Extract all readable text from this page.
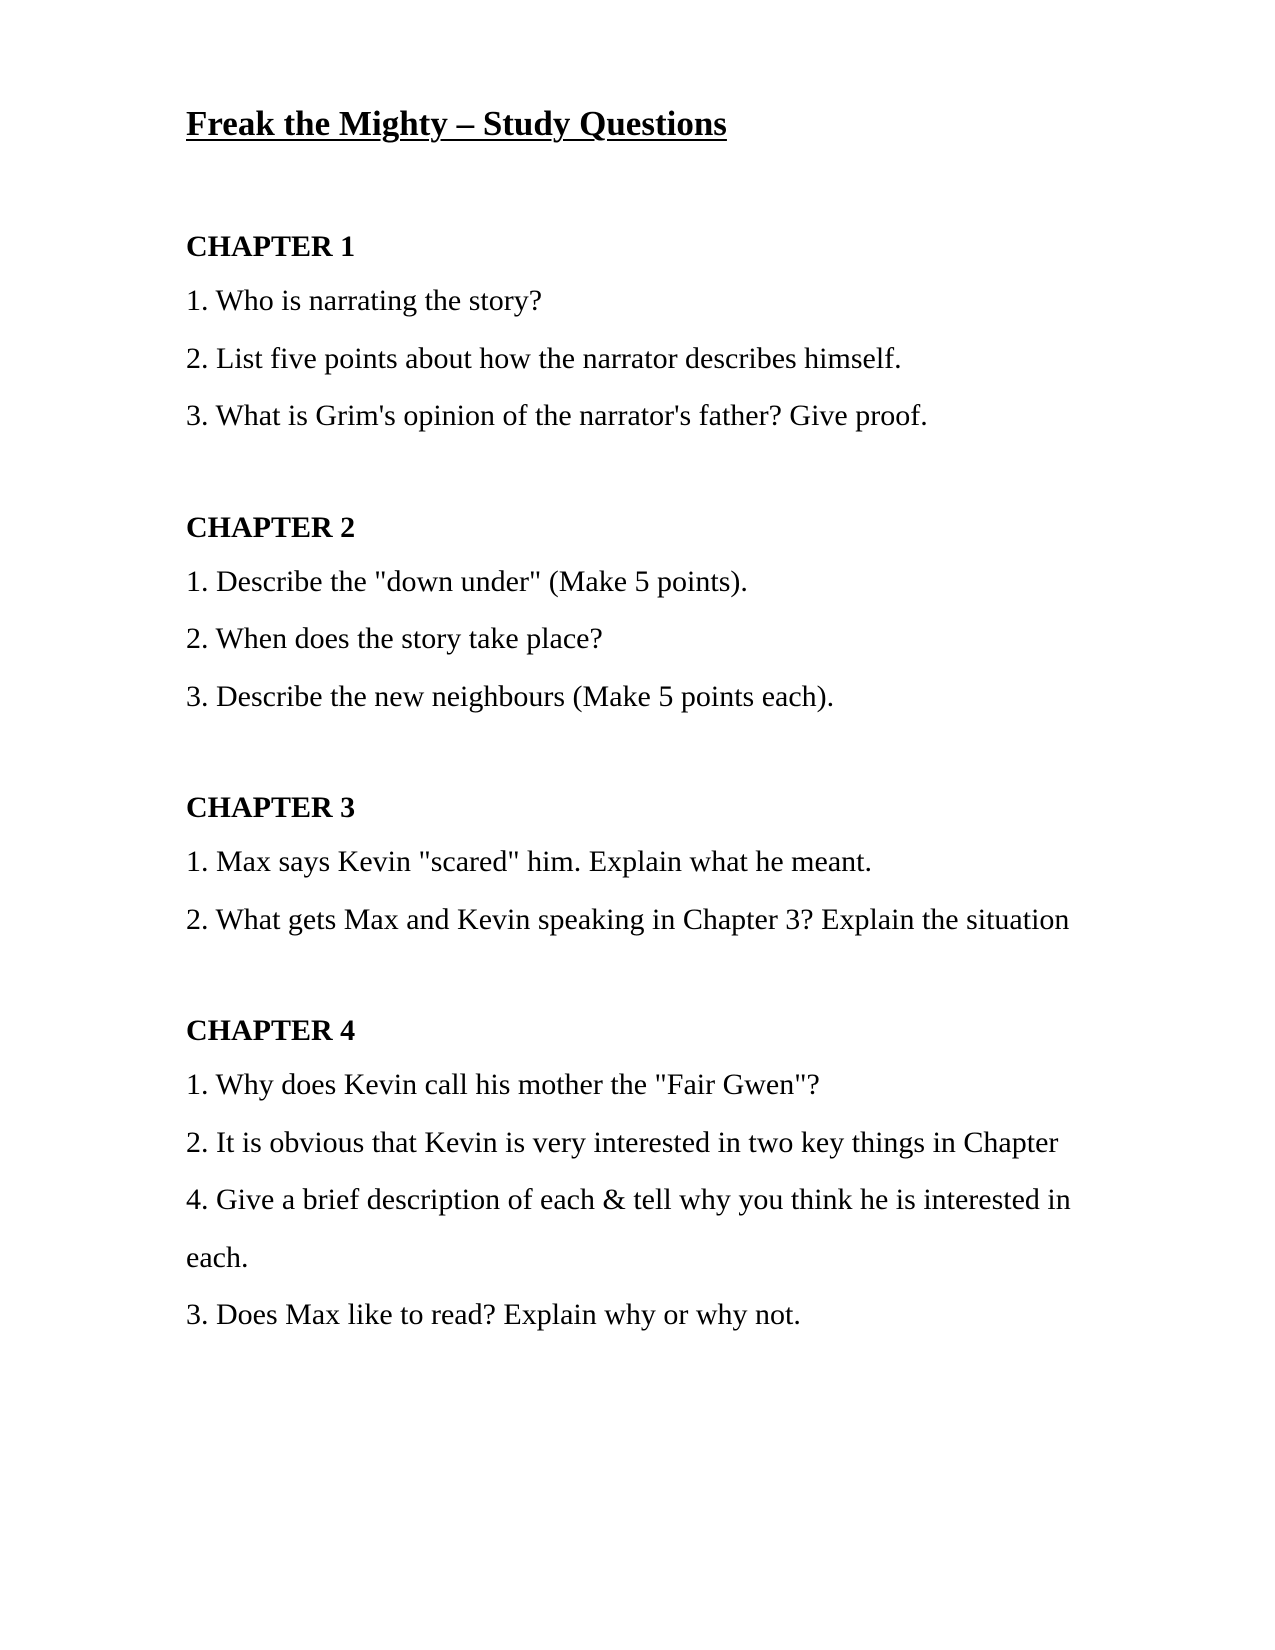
Freak the Mighty – Study Questions
CHAPTER 1
1. Who is narrating the story?
2. List five points about how the narrator describes himself.
3. What is Grim's opinion of the narrator's father? Give proof.
CHAPTER 2
1. Describe the "down under" (Make 5 points).
2. When does the story take place?
3. Describe the new neighbours (Make 5 points each).
CHAPTER 3
1. Max says Kevin "scared" him. Explain what he meant.
2. What gets Max and Kevin speaking in Chapter 3? Explain the situation
CHAPTER 4
1. Why does Kevin call his mother the "Fair Gwen"?
2. It is obvious that Kevin is very interested in two key things in Chapter 4. Give a brief description of each & tell why you think he is interested in each.
3. Does Max like to read? Explain why or why not.
